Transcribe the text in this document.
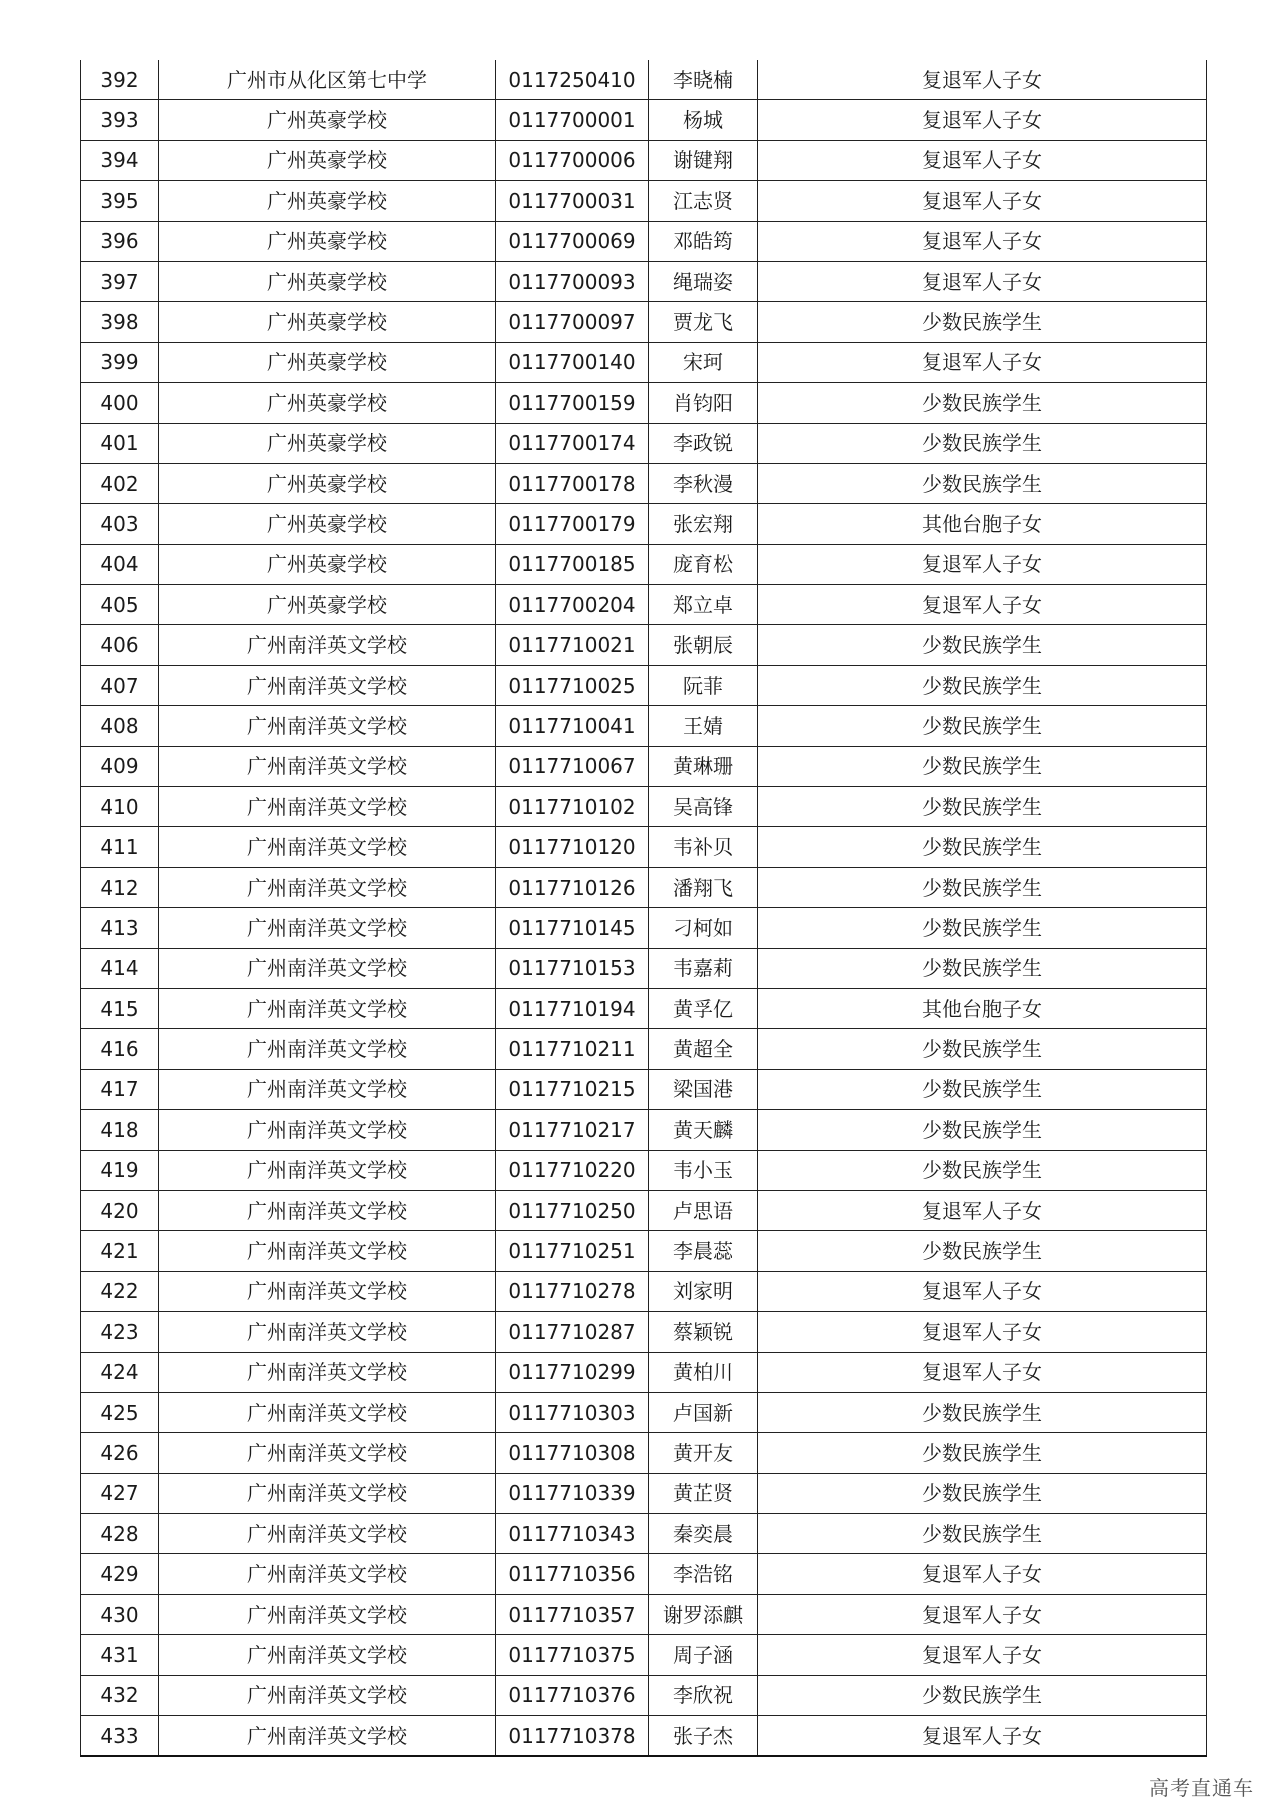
392	广州市从化区第七中学	0117250410	李晓楠	复退军人子女
393	广州英豪学校	0117700001	杨城	复退军人子女
394	广州英豪学校	0117700006	谢键翔	复退军人子女
395	广州英豪学校	0117700031	江志贤	复退军人子女
396	广州英豪学校	0117700069	邓皓筠	复退军人子女
397	广州英豪学校	0117700093	绳瑞姿	复退军人子女
398	广州英豪学校	0117700097	贾龙飞	少数民族学生
399	广州英豪学校	0117700140	宋珂	复退军人子女
400	广州英豪学校	0117700159	肖钧阳	少数民族学生
401	广州英豪学校	0117700174	李政锐	少数民族学生
402	广州英豪学校	0117700178	李秋漫	少数民族学生
403	广州英豪学校	0117700179	张宏翔	其他台胞子女
404	广州英豪学校	0117700185	庞育松	复退军人子女
405	广州英豪学校	0117700204	郑立卓	复退军人子女
406	广州南洋英文学校	0117710021	张朝辰	少数民族学生
407	广州南洋英文学校	0117710025	阮菲	少数民族学生
408	广州南洋英文学校	0117710041	王婧	少数民族学生
409	广州南洋英文学校	0117710067	黄琳珊	少数民族学生
410	广州南洋英文学校	0117710102	吴高锋	少数民族学生
411	广州南洋英文学校	0117710120	韦补贝	少数民族学生
412	广州南洋英文学校	0117710126	潘翔飞	少数民族学生
413	广州南洋英文学校	0117710145	刁柯如	少数民族学生
414	广州南洋英文学校	0117710153	韦嘉莉	少数民族学生
415	广州南洋英文学校	0117710194	黄孚亿	其他台胞子女
416	广州南洋英文学校	0117710211	黄超全	少数民族学生
417	广州南洋英文学校	0117710215	梁国港	少数民族学生
418	广州南洋英文学校	0117710217	黄天麟	少数民族学生
419	广州南洋英文学校	0117710220	韦小玉	少数民族学生
420	广州南洋英文学校	0117710250	卢思语	复退军人子女
421	广州南洋英文学校	0117710251	李晨蕊	少数民族学生
422	广州南洋英文学校	0117710278	刘家明	复退军人子女
423	广州南洋英文学校	0117710287	蔡颖锐	复退军人子女
424	广州南洋英文学校	0117710299	黄柏川	复退军人子女
425	广州南洋英文学校	0117710303	卢国新	少数民族学生
426	广州南洋英文学校	0117710308	黄开友	少数民族学生
427	广州南洋英文学校	0117710339	黄芷贤	少数民族学生
428	广州南洋英文学校	0117710343	秦奕晨	少数民族学生
429	广州南洋英文学校	0117710356	李浩铭	复退军人子女
430	广州南洋英文学校	0117710357	谢罗添麒	复退军人子女
431	广州南洋英文学校	0117710375	周子涵	复退军人子女
432	广州南洋英文学校	0117710376	李欣祝	少数民族学生
433	广州南洋英文学校	0117710378	张子杰	复退军人子女
高考直通车
